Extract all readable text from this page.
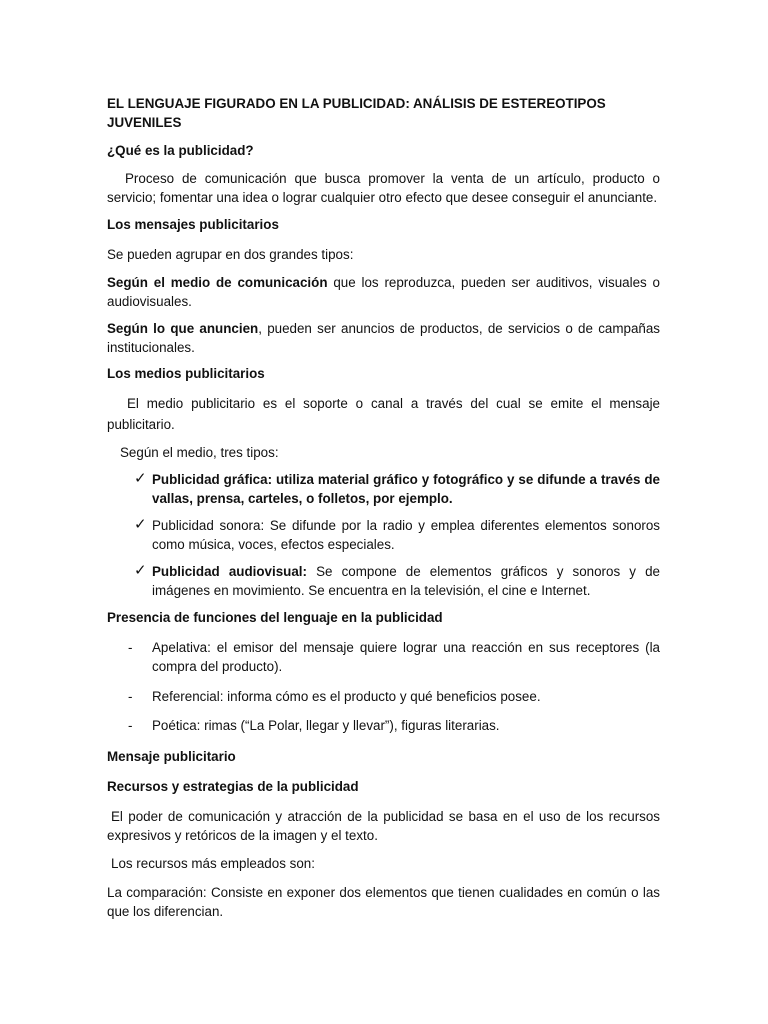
EL LENGUAJE FIGURADO EN LA PUBLICIDAD: ANÁLISIS DE ESTEREOTIPOS JUVENILES

¿Qué es la publicidad?

Proceso de comunicación que busca promover la venta de un artículo, producto o servicio; fomentar una idea o lograr cualquier otro efecto que desee conseguir el anunciante.

Los mensajes publicitarios

Se pueden agrupar en dos grandes tipos:

Según el medio de comunicación que los reproduzca, pueden ser auditivos, visuales o audiovisuales.

Según lo que anuncien, pueden ser anuncios de productos, de servicios o de campañas institucionales.

Los medios publicitarios

El medio publicitario es el soporte o canal a través del cual se emite el mensaje publicitario.

Según el medio, tres tipos:

✓ Publicidad gráfica: utiliza material gráfico y fotográfico y se difunde a través de vallas, prensa, carteles, o folletos, por ejemplo.
✓ Publicidad sonora: Se difunde por la radio y emplea diferentes elementos sonoros como música, voces, efectos especiales.
✓ Publicidad audiovisual: Se compone de elementos gráficos y sonoros y de imágenes en movimiento. Se encuentra en la televisión, el cine e Internet.

Presencia de funciones del lenguaje en la publicidad

- Apelativa: el emisor del mensaje quiere lograr una reacción en sus receptores (la compra del producto).
- Referencial: informa cómo es el producto y qué beneficios posee.
- Poética: rimas (“La Polar, llegar y llevar”), figuras literarias.

Mensaje publicitario

Recursos y estrategias de la publicidad

El poder de comunicación y atracción de la publicidad se basa en el uso de los recursos expresivos y retóricos de la imagen y el texto.

Los recursos más empleados son:

La comparación: Consiste en exponer dos elementos que tienen cualidades en común o las que los diferencian.
